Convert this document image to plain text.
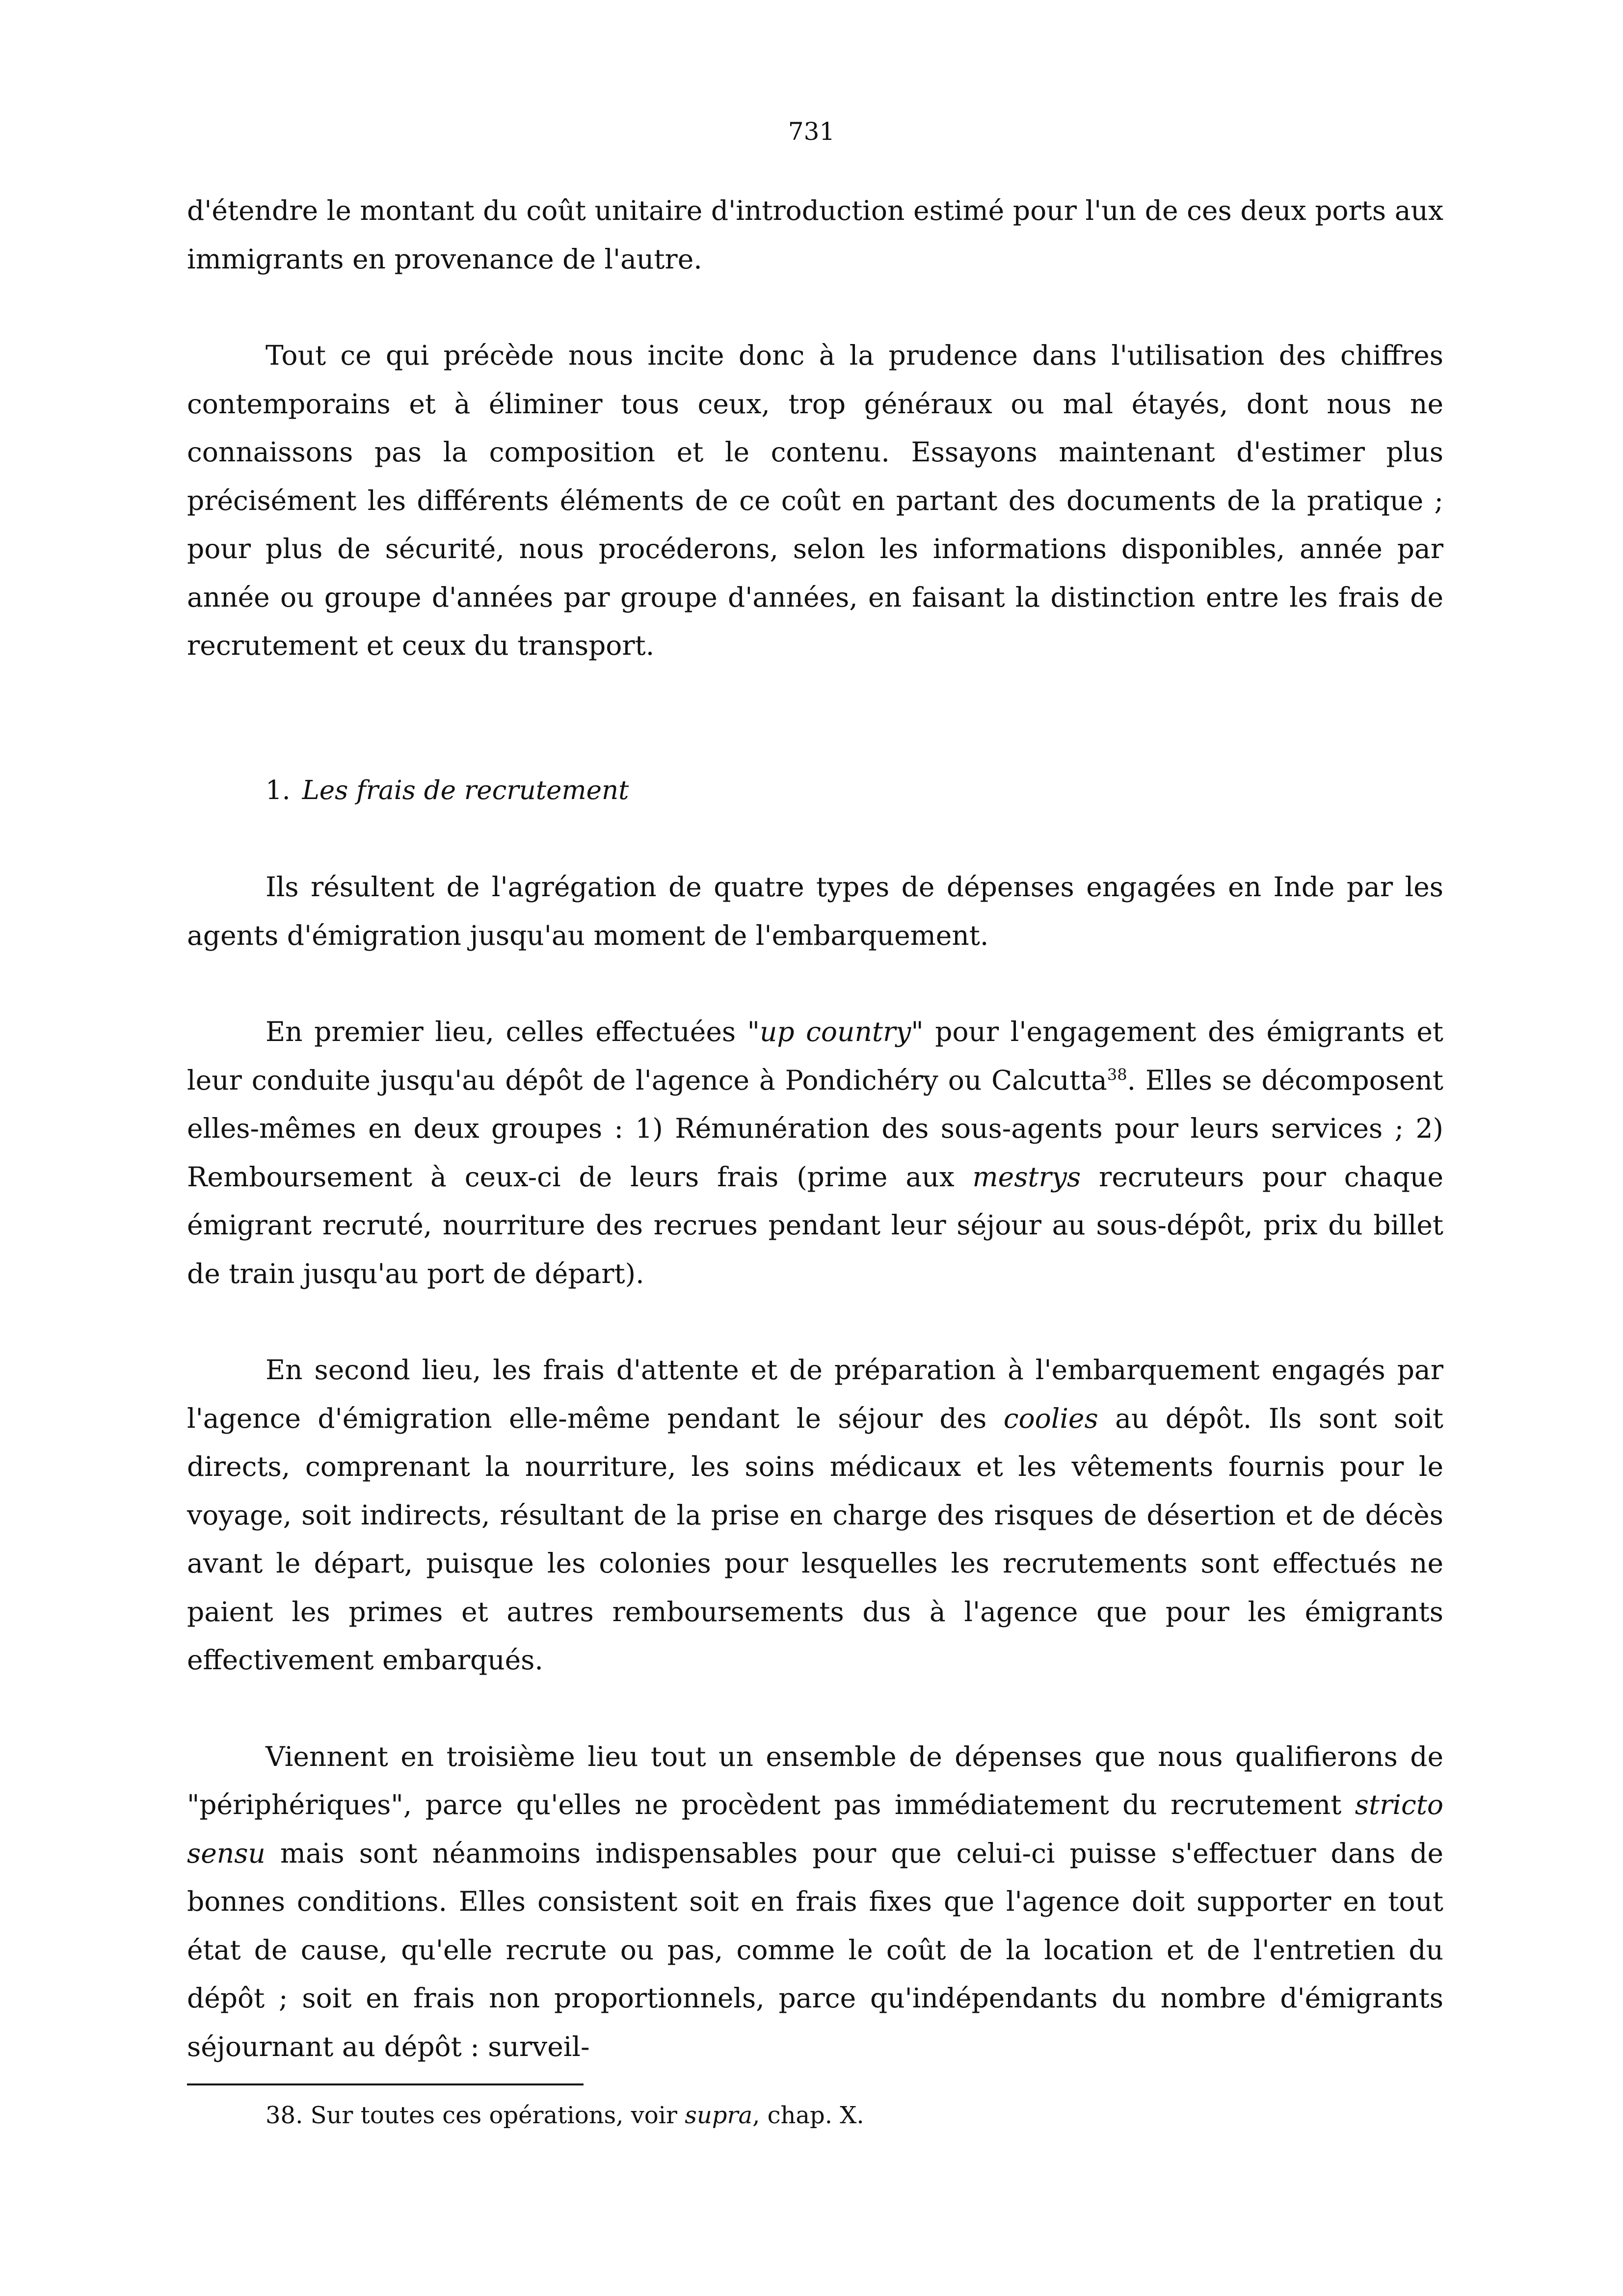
731

d'étendre le montant du coût unitaire d'introduction estimé pour l'un de ces deux ports aux immigrants en provenance de l'autre.

Tout ce qui précède nous incite donc à la prudence dans l'utilisation des chiffres contemporains et à éliminer tous ceux, trop généraux ou mal étayés, dont nous ne connaissons pas la composition et le contenu. Essayons maintenant d'estimer plus précisément les différents éléments de ce coût en partant des documents de la pratique ; pour plus de sécurité, nous procéderons, selon les informations disponibles, année par année ou groupe d'années par groupe d'années, en faisant la distinction entre les frais de recrutement et ceux du transport.

1. Les frais de recrutement

Ils résultent de l'agrégation de quatre types de dépenses engagées en Inde par les agents d'émigration jusqu'au moment de l'embarquement.

En premier lieu, celles effectuées "up country" pour l'engagement des émigrants et leur conduite jusqu'au dépôt de l'agence à Pondichéry ou Calcutta$^{38}$. Elles se décomposent elles-mêmes en deux groupes : 1) Rémunération des sous-agents pour leurs services ; 2) Remboursement à ceux-ci de leurs frais (prime aux mestrys recruteurs pour chaque émigrant recruté, nourriture des recrues pendant leur séjour au sous-dépôt, prix du billet de train jusqu'au port de départ).

En second lieu, les frais d'attente et de préparation à l'embarquement engagés par l'agence d'émigration elle-même pendant le séjour des coolies au dépôt. Ils sont soit directs, comprenant la nourriture, les soins médicaux et les vêtements fournis pour le voyage, soit indirects, résultant de la prise en charge des risques de désertion et de décès avant le départ, puisque les colonies pour lesquelles les recrutements sont effectués ne paient les primes et autres remboursements dus à l'agence que pour les émigrants effectivement embarqués.

Viennent en troisième lieu tout un ensemble de dépenses que nous qualifierons de "périphériques", parce qu'elles ne procèdent pas immédiatement du recrutement stricto sensu mais sont néanmoins indispensables pour que celui-ci puisse s'effectuer dans de bonnes conditions. Elles consistent soit en frais fixes que l'agence doit supporter en tout état de cause, qu'elle recrute ou pas, comme le coût de la location et de l'entretien du dépôt ; soit en frais non proportionnels, parce qu'indépendants du nombre d'émigrants séjournant au dépôt : surveil-

38. Sur toutes ces opérations, voir supra, chap. X.
